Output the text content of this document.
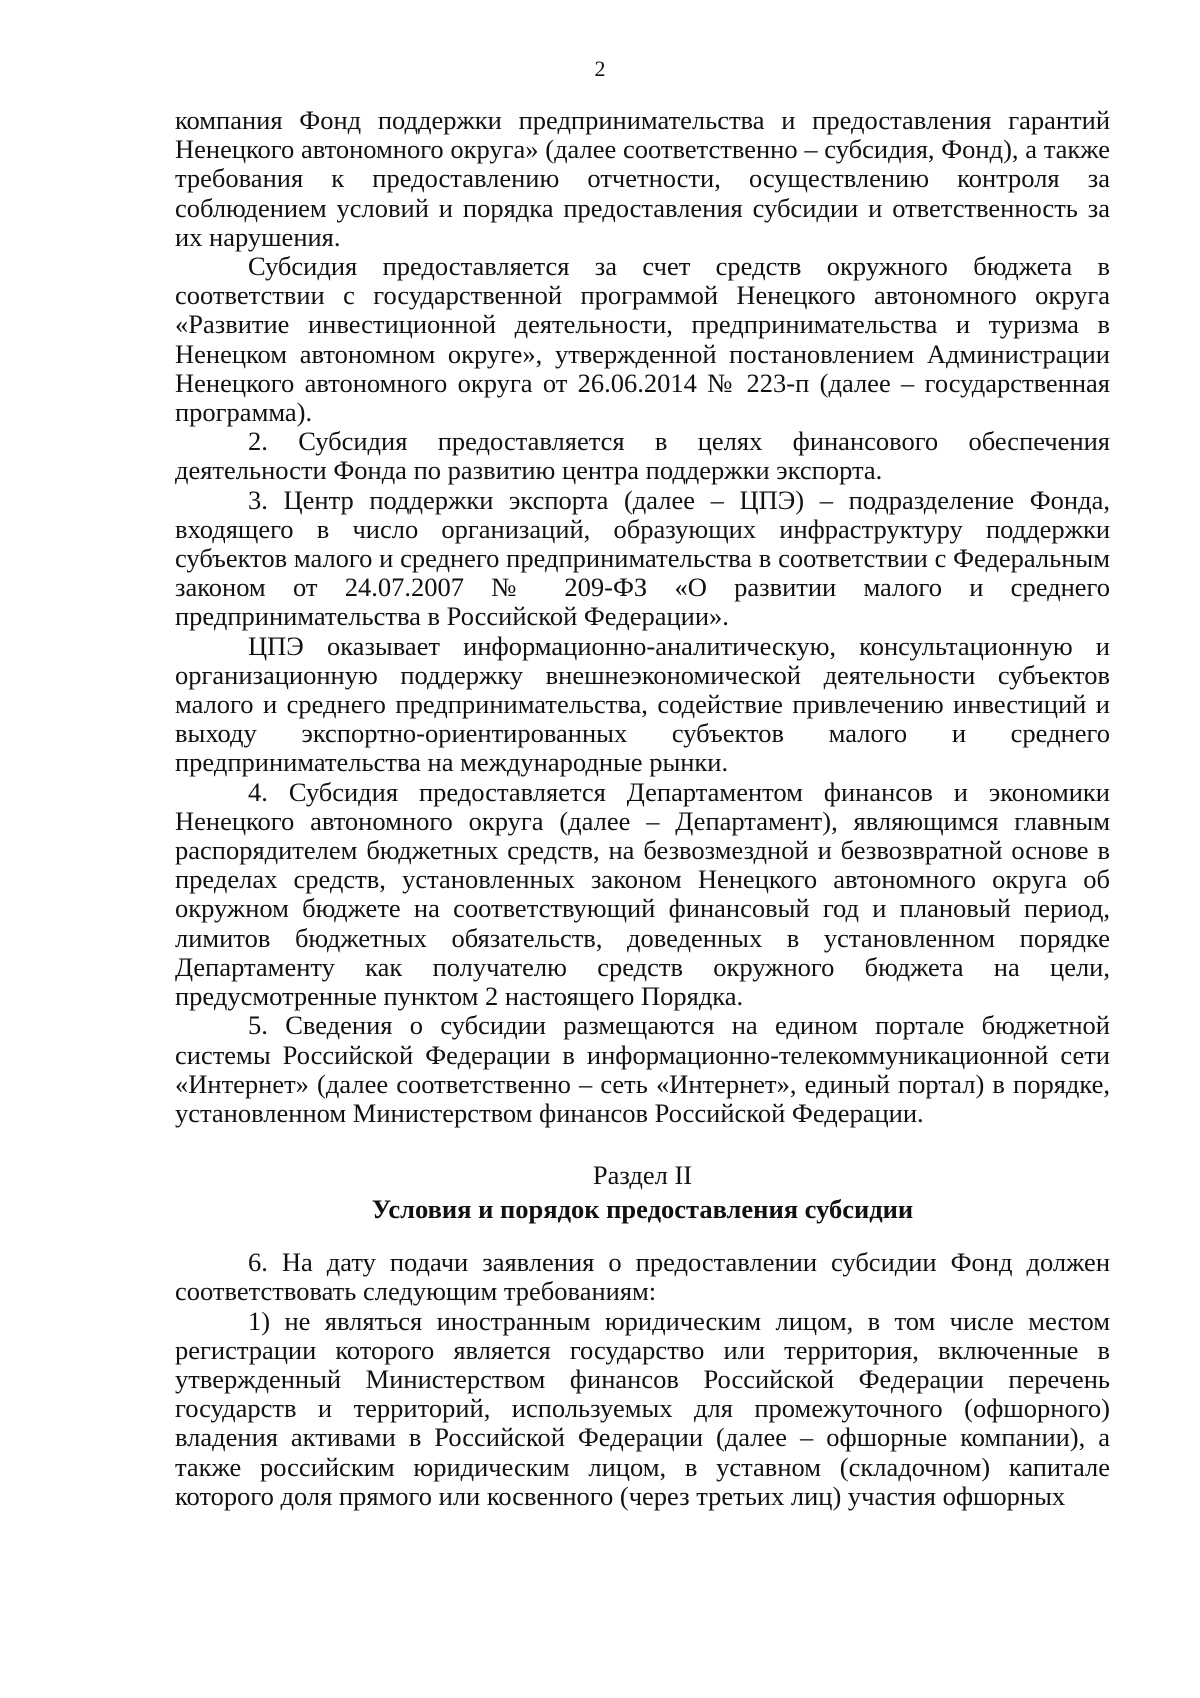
2

компания Фонд поддержки предпринимательства и предоставления гарантий Ненецкого автономного округа» (далее соответственно – субсидия, Фонд), а также требования к предоставлению отчетности, осуществлению контроля за соблюдением условий и порядка предоставления субсидии и ответственность за их нарушения.

Субсидия предоставляется за счет средств окружного бюджета в соответствии с государственной программой Ненецкого автономного округа «Развитие инвестиционной деятельности, предпринимательства и туризма в Ненецком автономном округе», утвержденной постановлением Администрации Ненецкого автономного округа от 26.06.2014 № 223-п (далее – государственная программа).

2. Субсидия предоставляется в целях финансового обеспечения деятельности Фонда по развитию центра поддержки экспорта.

3. Центр поддержки экспорта (далее – ЦПЭ) – подразделение Фонда, входящего в число организаций, образующих инфраструктуру поддержки субъектов малого и среднего предпринимательства в соответствии с Федеральным законом от 24.07.2007 № 209-ФЗ «О развитии малого и среднего предпринимательства в Российской Федерации».

ЦПЭ оказывает информационно-аналитическую, консультационную и организационную поддержку внешнеэкономической деятельности субъектов малого и среднего предпринимательства, содействие привлечению инвестиций и выходу экспортно-ориентированных субъектов малого и среднего предпринимательства на международные рынки.

4. Субсидия предоставляется Департаментом финансов и экономики Ненецкого автономного округа (далее – Департамент), являющимся главным распорядителем бюджетных средств, на безвозмездной и безвозвратной основе в пределах средств, установленных законом Ненецкого автономного округа об окружном бюджете на соответствующий финансовый год и плановый период, лимитов бюджетных обязательств, доведенных в установленном порядке Департаменту как получателю средств окружного бюджета на цели, предусмотренные пунктом 2 настоящего Порядка.

5. Сведения о субсидии размещаются на едином портале бюджетной системы Российской Федерации в информационно-телекоммуникационной сети «Интернет» (далее соответственно – сеть «Интернет», единый портал) в порядке, установленном Министерством финансов Российской Федерации.

Раздел II
Условия и порядок предоставления субсидии

6. На дату подачи заявления о предоставлении субсидии Фонд должен соответствовать следующим требованиям:

1) не являться иностранным юридическим лицом, в том числе местом регистрации которого является государство или территория, включенные в утвержденный Министерством финансов Российской Федерации перечень государств и территорий, используемых для промежуточного (офшорного) владения активами в Российской Федерации (далее – офшорные компании), а также российским юридическим лицом, в уставном (складочном) капитале которого доля прямого или косвенного (через третьих лиц) участия офшорных
